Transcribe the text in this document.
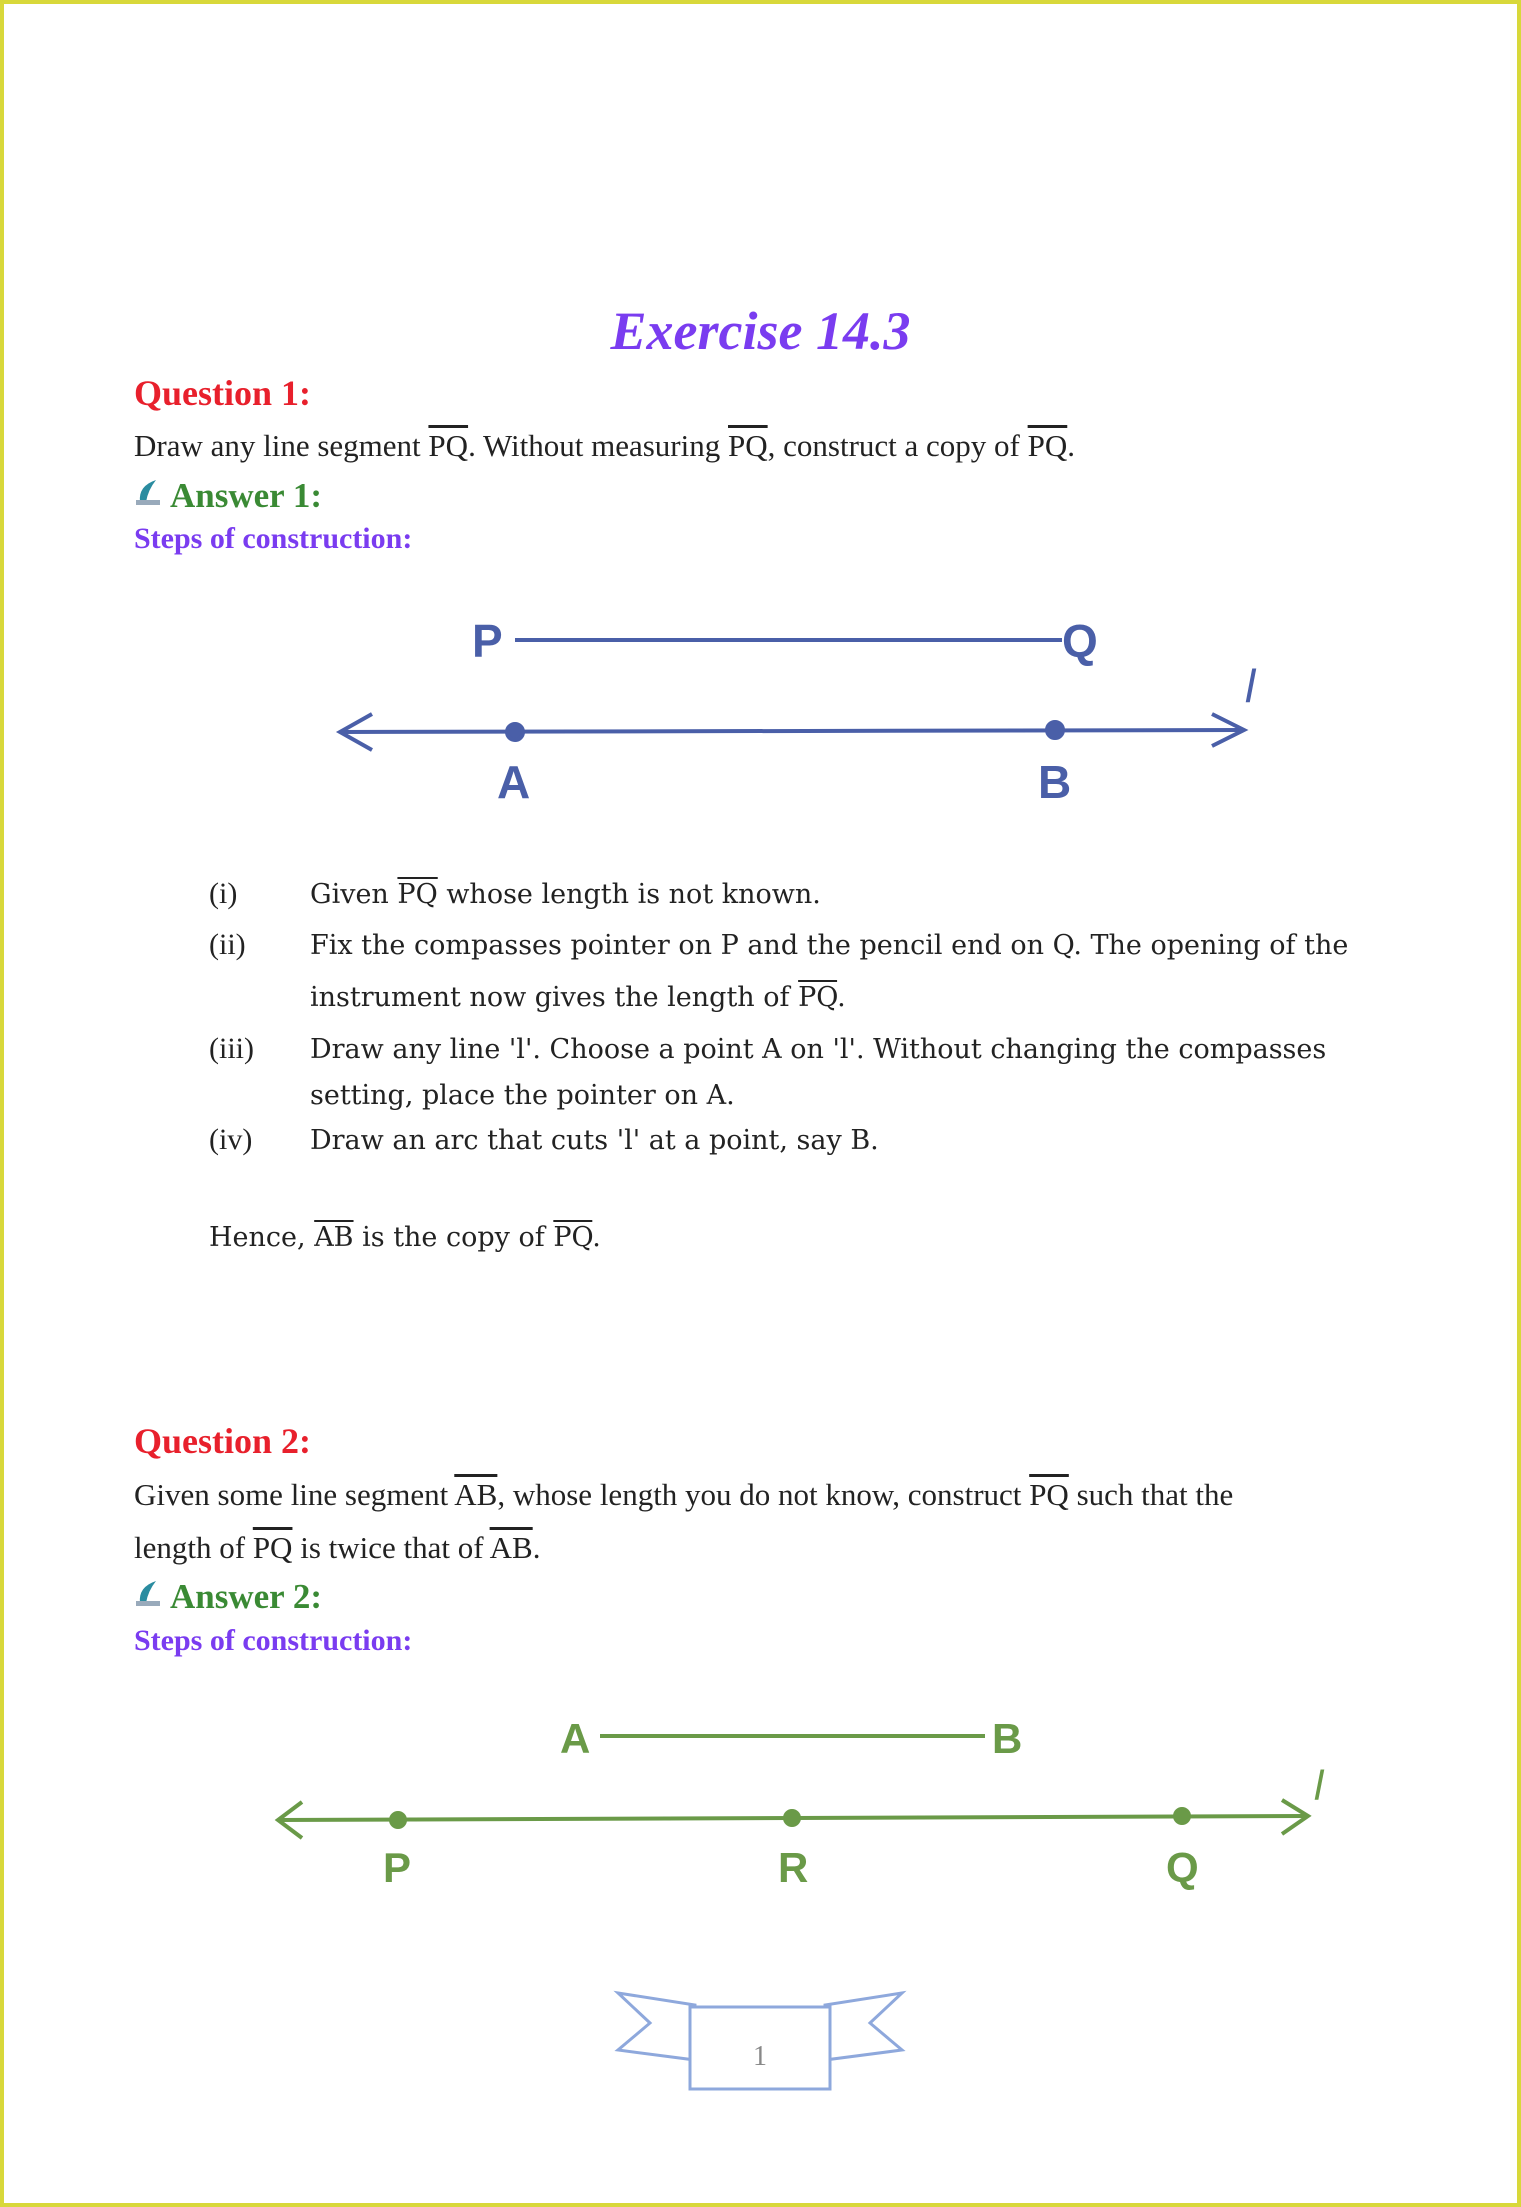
Exercise 14.3
Question 1:
Draw any line segment $\overline{PQ}$. Without measuring $\overline{PQ}$, construct a copy of $\overline{PQ}$.
Answer 1:
Steps of construction:
P	Q
A	B
l
(i)	Given $\overline{PQ}$ whose length is not known.
(ii) Fix the compasses pointer on P and the pencil end on Q. The opening of the
instrument now gives the length of $\overline{PQ}$.
(iii) Draw any line 'l'. Choose a point A on 'l'. Without changing the compasses
setting, place the pointer on A.
(iv) Draw an arc that cuts 'l' at a point, say B.
Hence, $\overline{AB}$ is the copy of $\overline{PQ}$.
Question 2:
Given some line segment $\overline{AB}$, whose length you do not know, construct $\overline{PQ}$ such that the
length of $\overline{PQ}$ is twice that of $\overline{AB}$.
Answer 2:
Steps of construction:
A	B
P	R	Q
l
1
